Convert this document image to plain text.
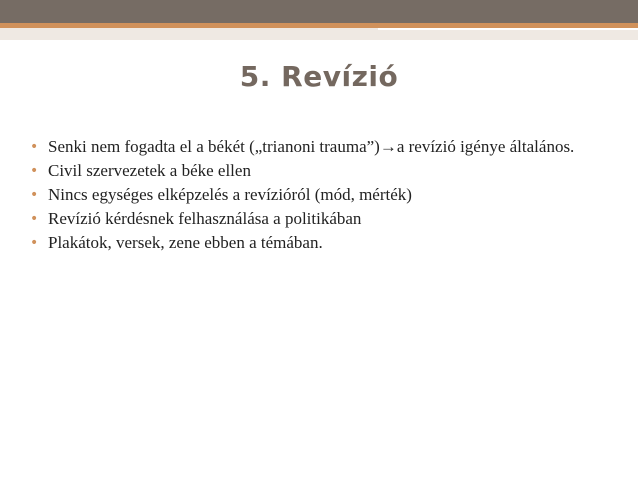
5. Revízió
• Senki nem fogadta el a békét („trianoni trauma”)→a revízió igénye általános.
• Civil szervezetek a béke ellen
• Nincs egységes elképzelés a revízióról (mód, mérték)
• Revízió kérdésnek felhasználása a politikában
• Plakátok, versek, zene ebben a témában.
